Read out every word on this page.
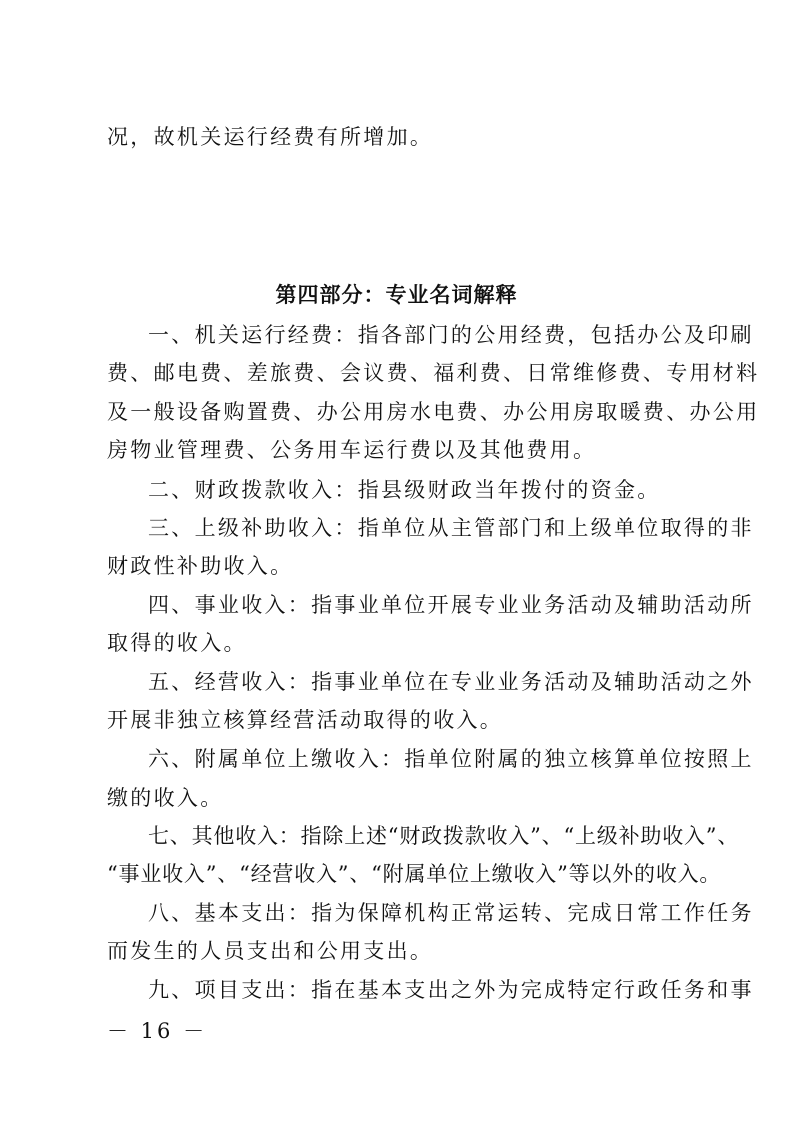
况，故机关运行经费有所增加。
第四部分：专业名词解释
一、机关运行经费：指各部门的公用经费，包括办公及印刷
费、邮电费、差旅费、会议费、福利费、日常维修费、专用材料
及一般设备购置费、办公用房水电费、办公用房取暖费、办公用
房物业管理费、公务用车运行费以及其他费用。
二、财政拨款收入：指县级财政当年拨付的资金。
三、上级补助收入：指单位从主管部门和上级单位取得的非
财政性补助收入。
四、事业收入：指事业单位开展专业业务活动及辅助活动所
取得的收入。
五、经营收入：指事业单位在专业业务活动及辅助活动之外
开展非独立核算经营活动取得的收入。
六、附属单位上缴收入：指单位附属的独立核算单位按照上
缴的收入。
七、其他收入：指除上述“财政拨款收入”、“上级补助收入”、
“事业收入”、“经营收入”、“附属单位上缴收入”等以外的收入。
八、基本支出：指为保障机构正常运转、完成日常工作任务
而发生的人员支出和公用支出。
九、项目支出：指在基本支出之外为完成特定行政任务和事
－ 16 －
